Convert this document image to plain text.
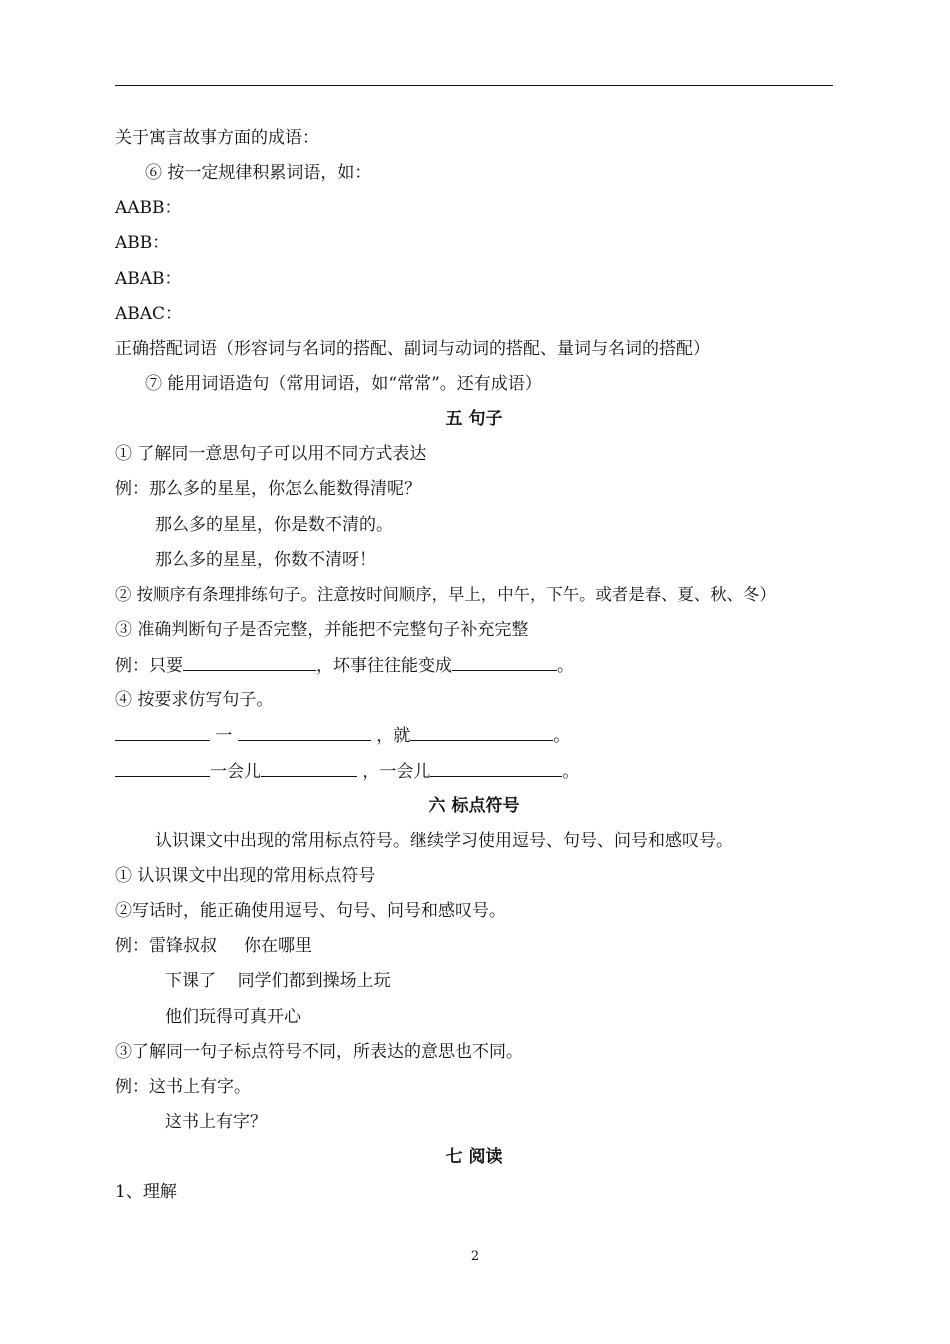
关于寓言故事方面的成语：
⑥ 按一定规律积累词语，如：
AABB：
ABB：
ABAB：
ABAC：
正确搭配词语（形容词与名词的搭配、副词与动词的搭配、量词与名词的搭配）
⑦ 能用词语造句（常用词语，如“常常”。还有成语）
五 句子
① 了解同一意思句子可以用不同方式表达
例：那么多的星星，你怎么能数得清呢？
那么多的星星，你是数不清的。
那么多的星星，你数不清呀！
② 按顺序有条理排练句子。注意按时间顺序，早上，中午，下午。或者是春、夏、秋、冬）
③ 准确判断句子是否完整，并能把不完整句子补充完整
例：只要	，坏事往往能变成	。
④ 按要求仿写句子。
一	，就	。
一会儿	，一会儿	。
六 标点符号
认识课文中出现的常用标点符号。继续学习使用逗号、句号、问号和感叹号。
① 认识课文中出现的常用标点符号
②写话时，能正确使用逗号、句号、问号和感叹号。
例：雷锋叔叔     你在哪里
下课了    同学们都到操场上玩
他们玩得可真开心
③了解同一句子标点符号不同，所表达的意思也不同。
例：这书上有字。
这书上有字？
七 阅读
1、理解
2
